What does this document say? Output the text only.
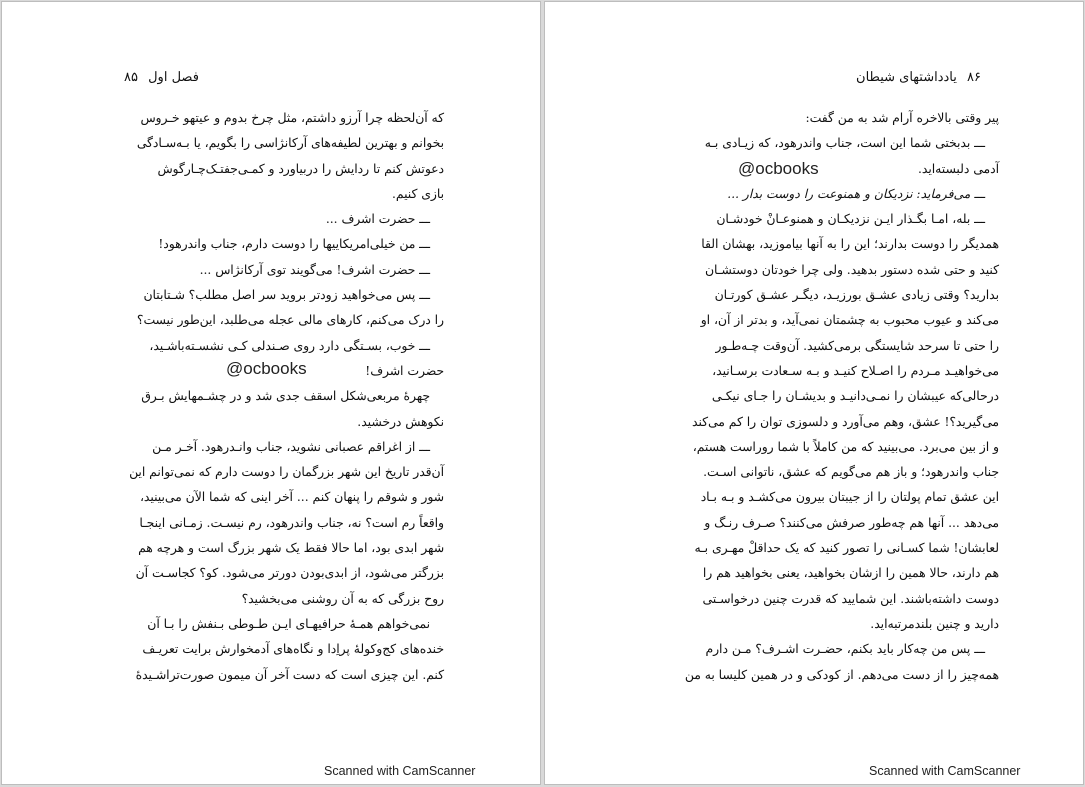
فصل اول ۸۵
که آن‌لحظه چرا آرزو داشتم، مثل چرخ بدوم و عیتهو خـروس
بخوانم و بهترین لطیفه‌های آرکانژاسی را بگویم، یا بـه‌سـادگی
دعوتش کنم تا ردایش را دربیاورد و کمـی‌جفتـک‌چـارگوش
بازی کنیم.
ـــ حضرت اشرف ...
ـــ من خیلی‌امریکاییها را دوست دارم، جناب واندرهود!
ـــ حضرت اشرف! می‌گویند توی آرکانژاس ...
ـــ پس می‌خواهید زودتر بروید سر اصل مطلب؟ شـتابتان
را درک می‌کنم، کارهای مالی عجله می‌طلبد، این‌طور نیست؟
ـــ خوب، بسـتگی دارد روی صـندلی کـی نشسـته‌باشـید،
حضرت اشرف!
چهرهٔ مربعی‌شکل اسقف جدی شد و در چشـمهایش بـرق
نکوهش درخشید.
ـــ از اغراقم عصبانی نشوید، جناب وانـدرهود. آخـر مـن
آن‌قدر تاریخ این شهر بزرگمان را دوست دارم که نمی‌توانم این
شور و شوقم را پنهان کنم ... آخر اینی که شما الآن می‌بینید،
واقعاً رم است؟ نه، جناب واندرهود، رم نیسـت. زمـانی اینجـا
شهر ابدی بود، اما حالا فقط یک شهر بزرگ است و هرچه هم
بزرگتر می‌شود، از ابدی‌بودن دورتر می‌شود. کو؟ کجاسـت آن
روح بزرگی که به آن روشنی می‌بخشید؟
نمی‌خواهم همـهٔ حرافیهـای ایـن طـوطی بـنفش را بـا آن
خنده‌های کج‌وکولهٔ پراِدا و نگاه‌های آدمخوارش برایت تعریـف
کنم. این چیزی است که دست آخر آن میمون صورت‌تراشـیدهٔ
@ocbooks
Scanned with CamScanner
۸۶ یادداشتهای شیطان
پیر وقتی بالاخره آرام شد به من گفت:
ـــ بدبختی شما این است، جناب واندرهود، که زیـادی بـه
آدمی دلبسته‌اید.
ـــ می‌فرماید: نزدیکان و همنوعت را دوست بدار ...
ـــ بله، امـا بگـذار ایـن نزدیکـان و همنوعـانْ خودشـان
همدیگر را دوست بدارند؛ این را به آنها بیاموزید، بهشان القا
کنید و حتی شده دستور بدهید. ولی چرا خودتان دوستشـان
بدارید؟ وقتی زیادی عشـق بورزیـد، دیگـر عشـق کورتـان
می‌کند و عیوب محبوب به چشمتان نمی‌آید، و بدتر از آن، او
را حتی تا سرحد شایستگی برمی‌کشید. آن‌وقت چـه‌طـور
می‌خواهیـد مـردم را اصـلاح کنیـد و بـه سـعادت برسـانید،
درحالی‌که عیبشان را نمـی‌دانیـد و بدیشـان را جـای نیکـی
می‌گیرید؟! عشق، وهم می‌آورد و دلسوزی توان را کم می‌کند
و از بین می‌برد. می‌بینید که من کاملاً با شما روراست هستم،
جناب واندرهود؛ و باز هم می‌گویم که عشق، ناتوانی اسـت.
این عشق تمام پولتان را از جیبتان بیرون می‌کشـد و بـه بـاد
می‌دهد ... آنها هم چه‌طور صرفش می‌کنند؟ صـرف رنـگ و
لعابشان! شما کسـانی را تصور کنید که یک حداقلْ مهـری بـه
هم دارند، حالا همین را ازشان بخواهید، یعنی بخواهید هم را
دوست داشته‌باشند. این شمایید که قدرت چنین درخواسـتی
دارید و چنین بلندمرتبه‌اید.
ـــ پس من چه‌کار باید بکنم، حضـرت اشـرف؟ مـن دارم
همه‌چیز را از دست می‌دهم. از کودکی و در همین کلیسا به من
@ocbooks
Scanned with CamScanner
